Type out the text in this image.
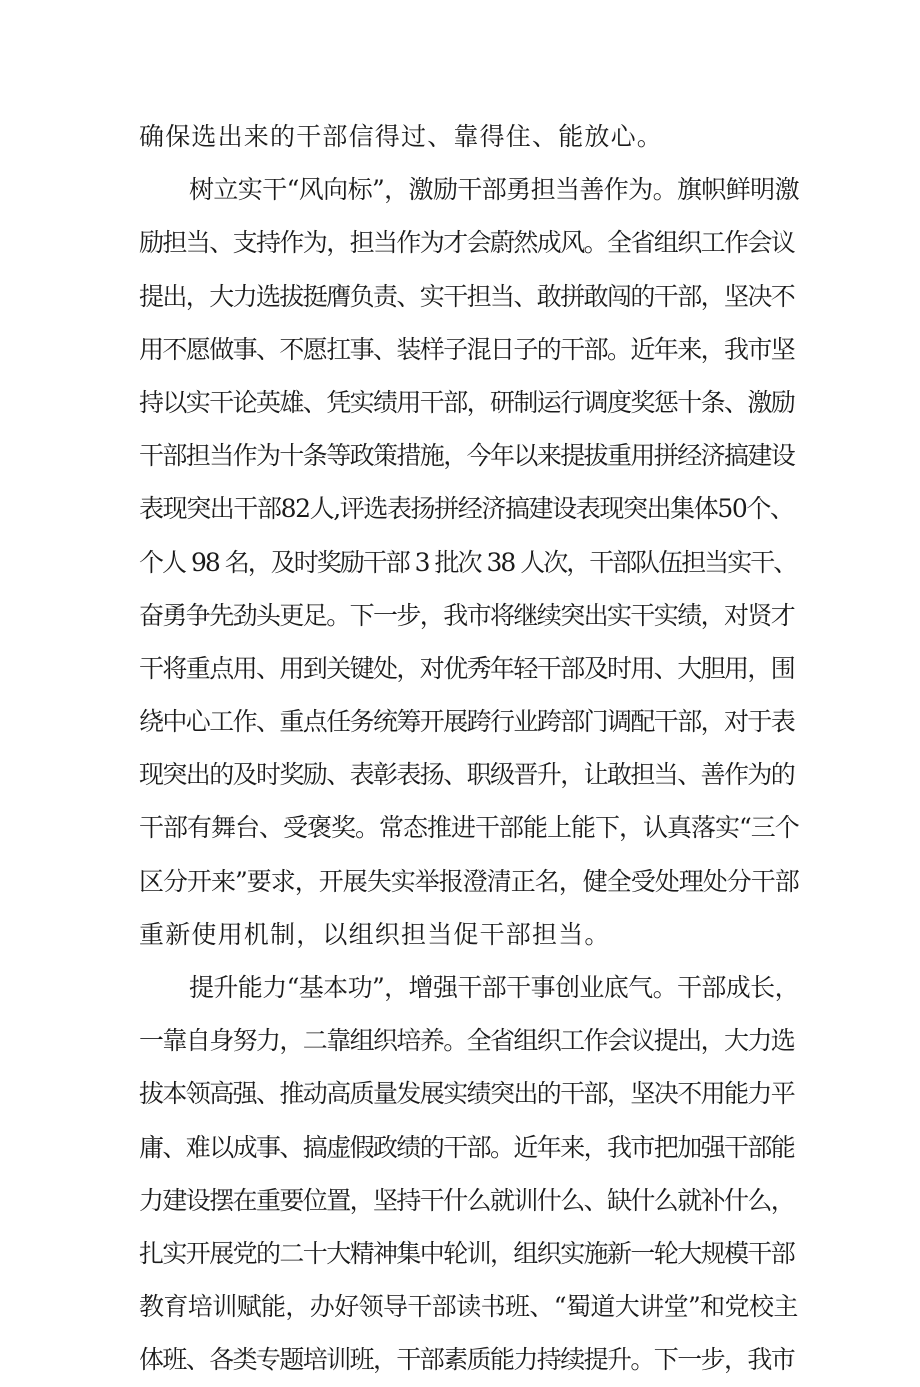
确保选出来的干部信得过、靠得住、能放心。
树立实干“风向标”，激励干部勇担当善作为。旗帜鲜明激
励担当、支持作为，担当作为才会蔚然成风。全省组织工作会议
提出，大力选拔挺膺负责、实干担当、敢拼敢闯的干部，坚决不
用不愿做事、不愿扛事、装样子混日子的干部。近年来，我市坚
持以实干论英雄、凭实绩用干部，研制运行调度奖惩十条、激励
干部担当作为十条等政策措施，今年以来提拔重用拼经济搞建设
表现突出干部82人,评选表扬拼经济搞建设表现突出集体50个、
个人 98 名，及时奖励干部 3 批次 38 人次，干部队伍担当实干、
奋勇争先劲头更足。下一步，我市将继续突出实干实绩，对贤才
干将重点用、用到关键处，对优秀年轻干部及时用、大胆用，围
绕中心工作、重点任务统筹开展跨行业跨部门调配干部，对于表
现突出的及时奖励、表彰表扬、职级晋升，让敢担当、善作为的
干部有舞台、受褒奖。常态推进干部能上能下，认真落实“三个
区分开来”要求，开展失实举报澄清正名，健全受处理处分干部
重新使用机制，以组织担当促干部担当。
提升能力“基本功”，增强干部干事创业底气。干部成长，
一靠自身努力，二靠组织培养。全省组织工作会议提出，大力选
拔本领高强、推动高质量发展实绩突出的干部，坚决不用能力平
庸、难以成事、搞虚假政绩的干部。近年来，我市把加强干部能
力建设摆在重要位置，坚持干什么就训什么、缺什么就补什么，
扎实开展党的二十大精神集中轮训，组织实施新一轮大规模干部
教育培训赋能，办好领导干部读书班、“蜀道大讲堂”和党校主
体班、各类专题培训班，干部素质能力持续提升。下一步，我市
